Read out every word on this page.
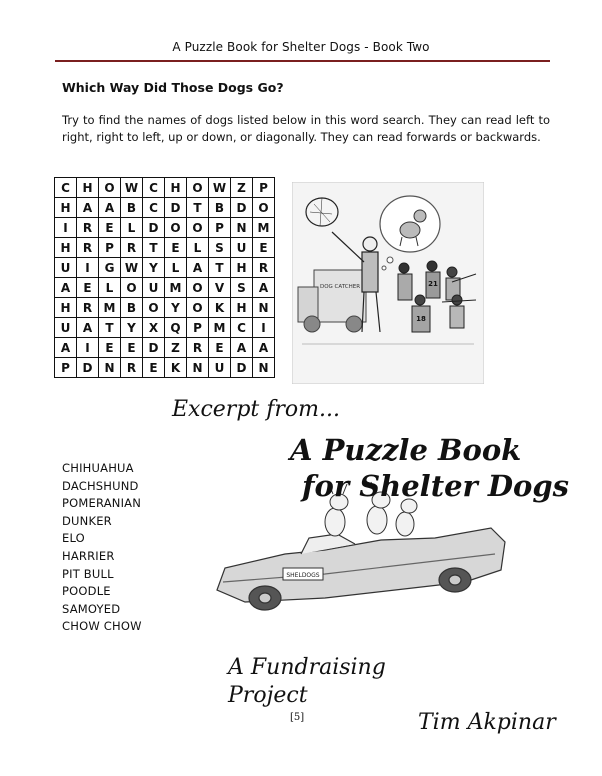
A Puzzle Book for Shelter Dogs - Book Two
Which Way Did Those Dogs Go?
Try to find the names of dogs listed below in this word search. They can read left to right, right to left, up or down, or diagonally. They can read forwards or backwards.
C	H	O	W	C	H	O	W	Z	P
H	A	A	B	C	D	T	B	D	O
I	R	E	L	D	O	O	P	N	M
H	R	P	R	T	E	L	S	U	E
U	I	G	W	Y	L	A	T	H	R
A	E	L	O	U	M	O	V	S	A
H	R	M	B	O	Y	O	K	H	N
U	A	T	Y	X	Q	P	M	C	I
A	I	E	E	D	Z	R	E	A	A
P	D	N	R	E	K	N	U	D	N
DOG CATCHER	21
18
SHELDOGS
Excerpt from...
A Puzzle Book
for Shelter Dogs
CHIHUAHUA
DACHSHUND
POMERANIAN
DUNKER
ELO
HARRIER
PIT BULL
POODLE
SAMOYED
CHOW CHOW
A Fundraising
Project
[5]	Tim Akpinar
